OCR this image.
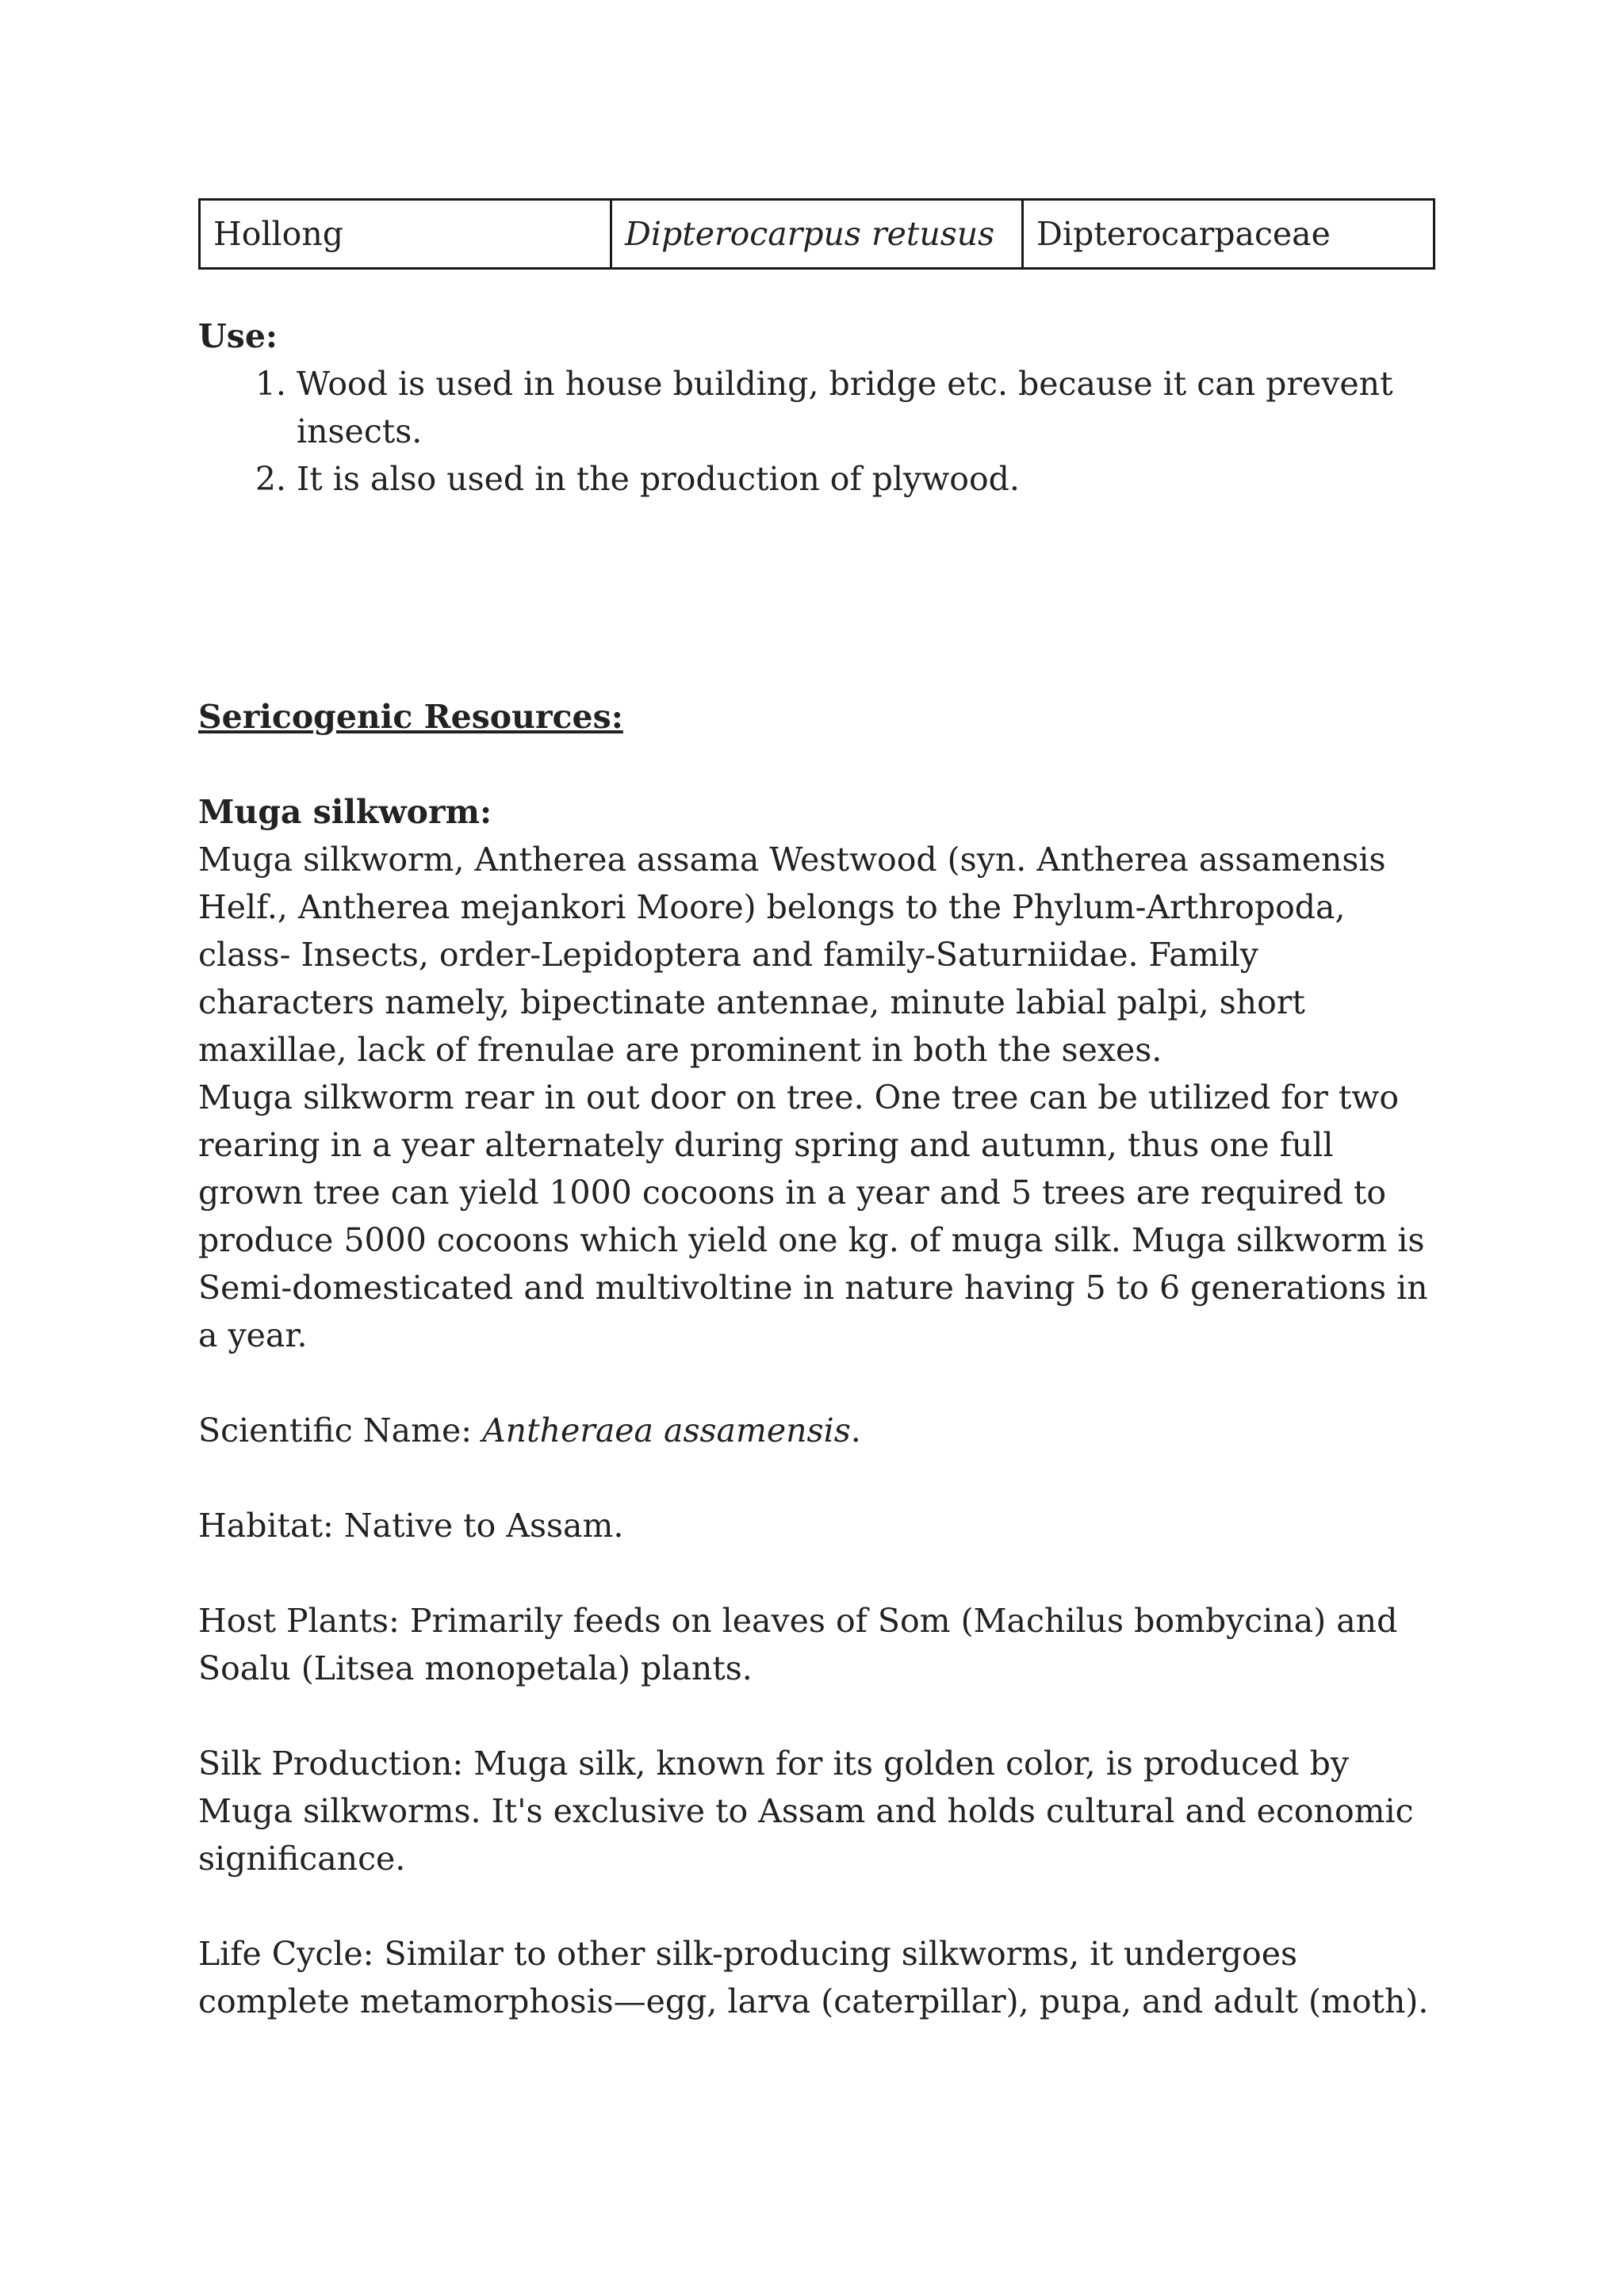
Hollong	Dipterocarpus retusus	Dipterocarpaceae
Use:
1. Wood is used in house building, bridge etc. because it can prevent insects.
2. It is also used in the production of plywood.
Sericogenic Resources:
Muga silkworm:
Muga silkworm, Antherea assama Westwood (syn. Antherea assamensis Helf., Antherea mejankori Moore) belongs to the Phylum-Arthropoda, class- Insects, order-Lepidoptera and family-Saturniidae. Family characters namely, bipectinate antennae, minute labial palpi, short maxillae, lack of frenulae are prominent in both the sexes.
Muga silkworm rear in out door on tree. One tree can be utilized for two rearing in a year alternately during spring and autumn, thus one full grown tree can yield 1000 cocoons in a year and 5 trees are required to produce 5000 cocoons which yield one kg. of muga silk. Muga silkworm is Semi-domesticated and multivoltine in nature having 5 to 6 generations in a year.
Scientific Name: Antheraea assamensis.
Habitat: Native to Assam.
Host Plants: Primarily feeds on leaves of Som (Machilus bombycina) and Soalu (Litsea monopetala) plants.
Silk Production: Muga silk, known for its golden color, is produced by Muga silkworms. It's exclusive to Assam and holds cultural and economic significance.
Life Cycle: Similar to other silk-producing silkworms, it undergoes complete metamorphosis—egg, larva (caterpillar), pupa, and adult (moth).
